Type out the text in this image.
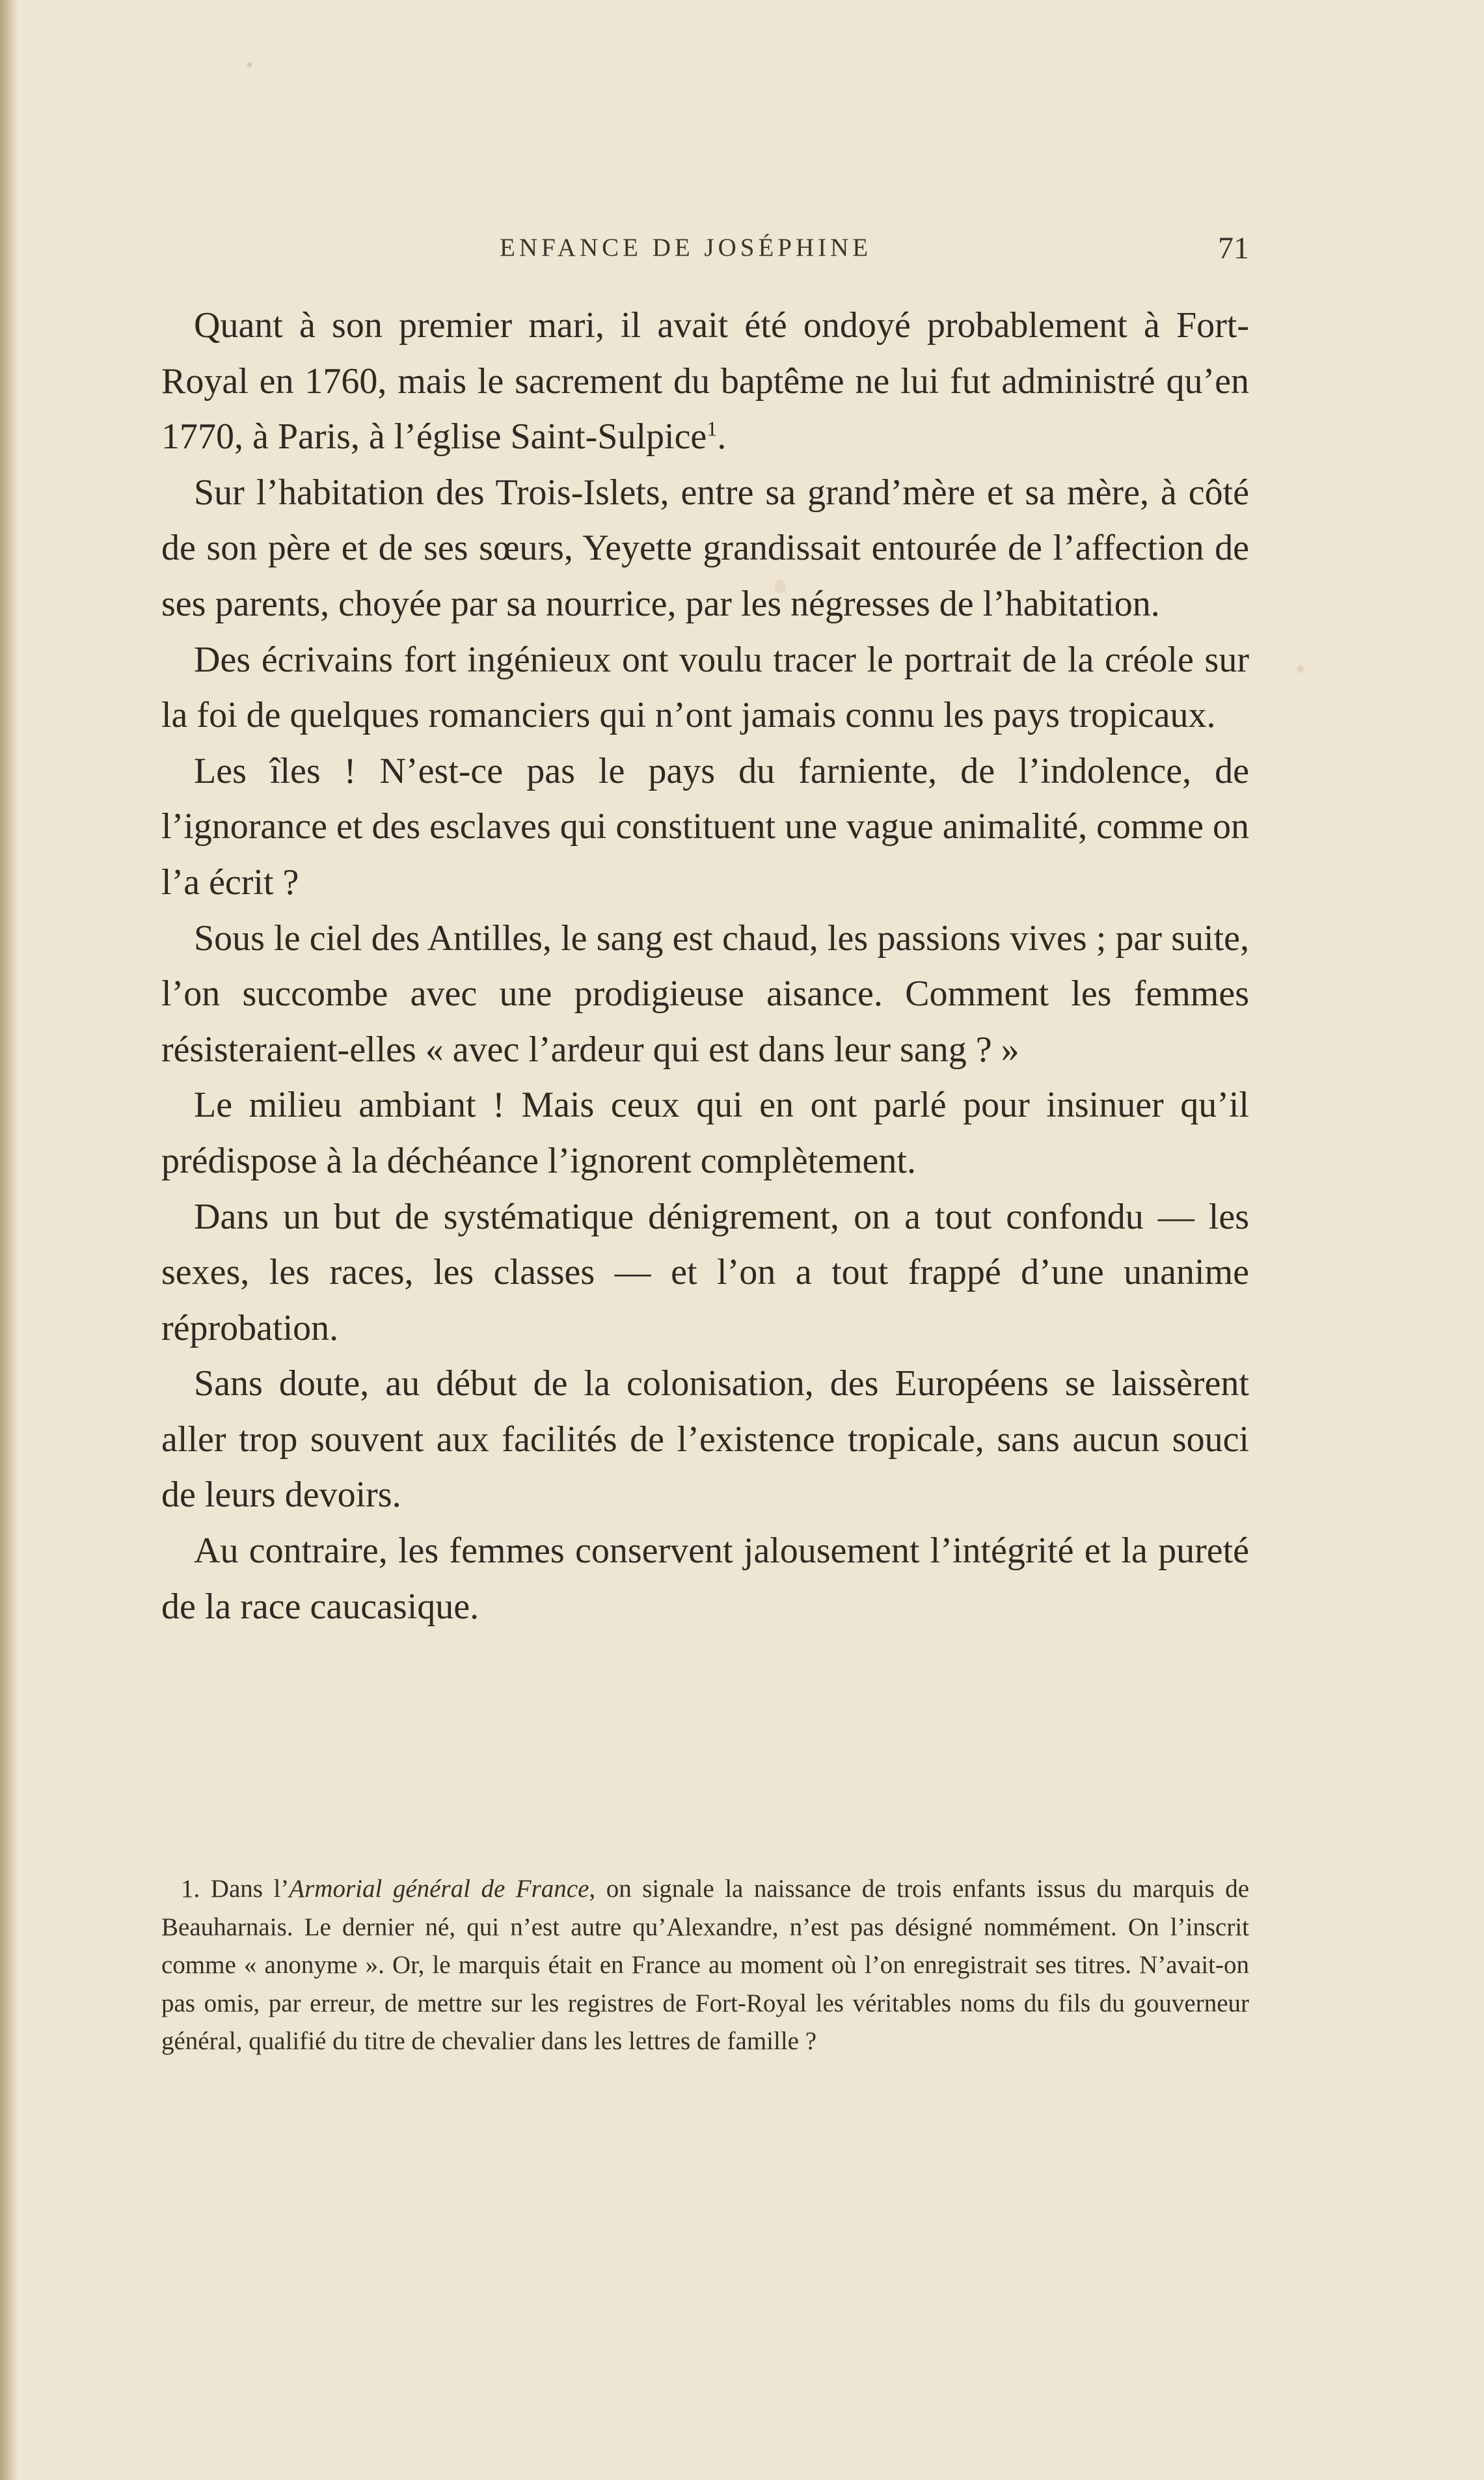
ENFANCE DE JOSÉPHINE	71

Quant à son premier mari, il avait été ondoyé probablement à Fort-Royal en 1760, mais le sacrement du baptême ne lui fut administré qu’en 1770, à Paris, à l’église Saint-Sulpice$^1$.

Sur l’habitation des Trois-Islets, entre sa grand’mère et sa mère, à côté de son père et de ses sœurs, Yeyette grandissait entourée de l’affection de ses parents, choyée par sa nourrice, par les négresses de l’habitation.

Des écrivains fort ingénieux ont voulu tracer le portrait de la créole sur la foi de quelques romanciers qui n’ont jamais connu les pays tropicaux.

Les îles ! N’est-ce pas le pays du farniente, de l’indolence, de l’ignorance et des esclaves qui constituent une vague animalité, comme on l’a écrit ?

Sous le ciel des Antilles, le sang est chaud, les passions vives ; par suite, l’on succombe avec une prodigieuse aisance. Comment les femmes résisteraient-elles « avec l’ardeur qui est dans leur sang ? »

Le milieu ambiant ! Mais ceux qui en ont parlé pour insinuer qu’il prédispose à la déchéance l’ignorent complètement.

Dans un but de systématique dénigrement, on a tout confondu — les sexes, les races, les classes — et l’on a tout frappé d’une unanime réprobation.

Sans doute, au début de la colonisation, des Européens se laissèrent aller trop souvent aux facilités de l’existence tropicale, sans aucun souci de leurs devoirs.

Au contraire, les femmes conservent jalousement l’intégrité et la pureté de la race caucasique.

1. Dans l’Armorial général de France, on signale la naissance de trois enfants issus du marquis de Beauharnais. Le dernier né, qui n’est autre qu’Alexandre, n’est pas désigné nommément. On l’inscrit comme « anonyme ». Or, le marquis était en France au moment où l’on enregistrait ses titres. N’avait-on pas omis, par erreur, de mettre sur les registres de Fort-Royal les véritables noms du fils du gouverneur général, qualifié du titre de chevalier dans les lettres de famille ?
